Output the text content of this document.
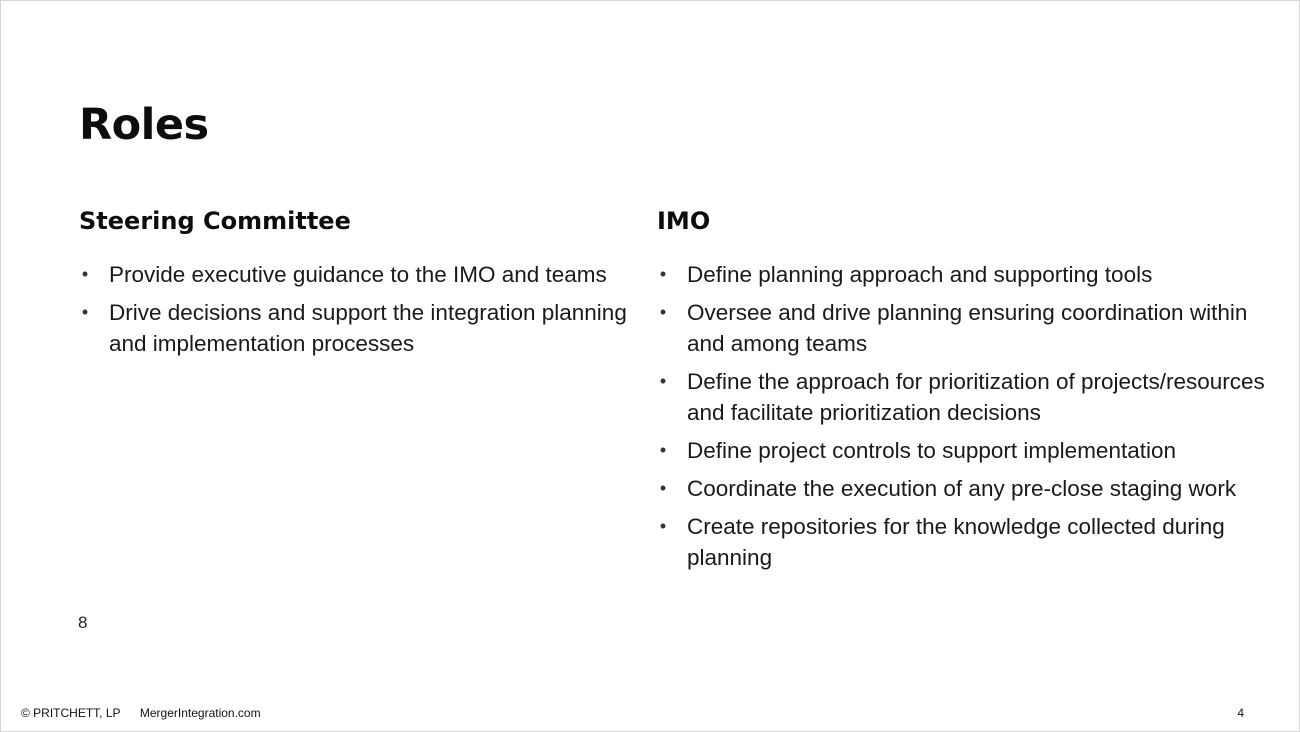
Roles
Steering Committee
• Provide executive guidance to the IMO and teams
• Drive decisions and support the integration planning and implementation processes
IMO
• Define planning approach and supporting tools
• Oversee and drive planning ensuring coordination within and among teams
• Define the approach for prioritization of projects/resources and facilitate prioritization decisions
• Define project controls to support implementation
• Coordinate the execution of any pre-close staging work
• Create repositories for the knowledge collected during planning
8
© PRITCHETT, LP MergerIntegration.com	4
